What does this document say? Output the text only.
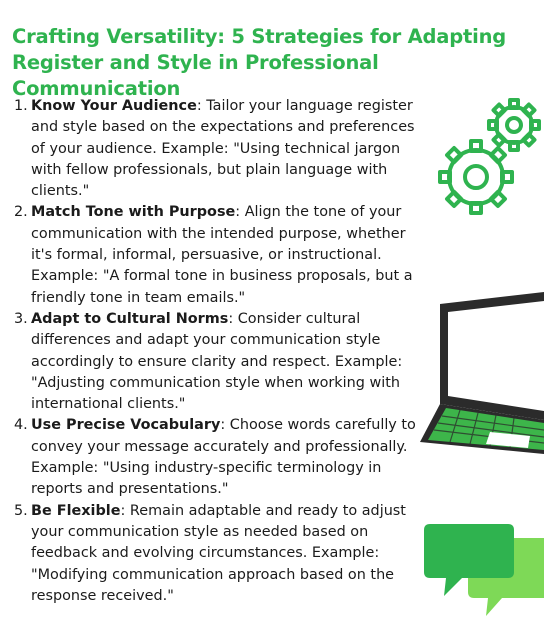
Crafting Versatility: 5 Strategies for Adapting
Register and Style in Professional Communication
1. Know Your Audience: Tailor your language register and style based on the expectations and preferences of your audience. Example: "Using technical jargon with fellow professionals, but plain language with clients."
2. Match Tone with Purpose: Align the tone of your communication with the intended purpose, whether it's formal, informal, persuasive, or instructional. Example: "A formal tone in business proposals, but a friendly tone in team emails."
3. Adapt to Cultural Norms: Consider cultural differences and adapt your communication style accordingly to ensure clarity and respect. Example: "Adjusting communication style when working with international clients."
4. Use Precise Vocabulary: Choose words carefully to convey your message accurately and professionally. Example: "Using industry-specific terminology in reports and presentations."
5. Be Flexible: Remain adaptable and ready to adjust your communication style as needed based on feedback and evolving circumstances. Example: "Modifying communication approach based on the response received."
